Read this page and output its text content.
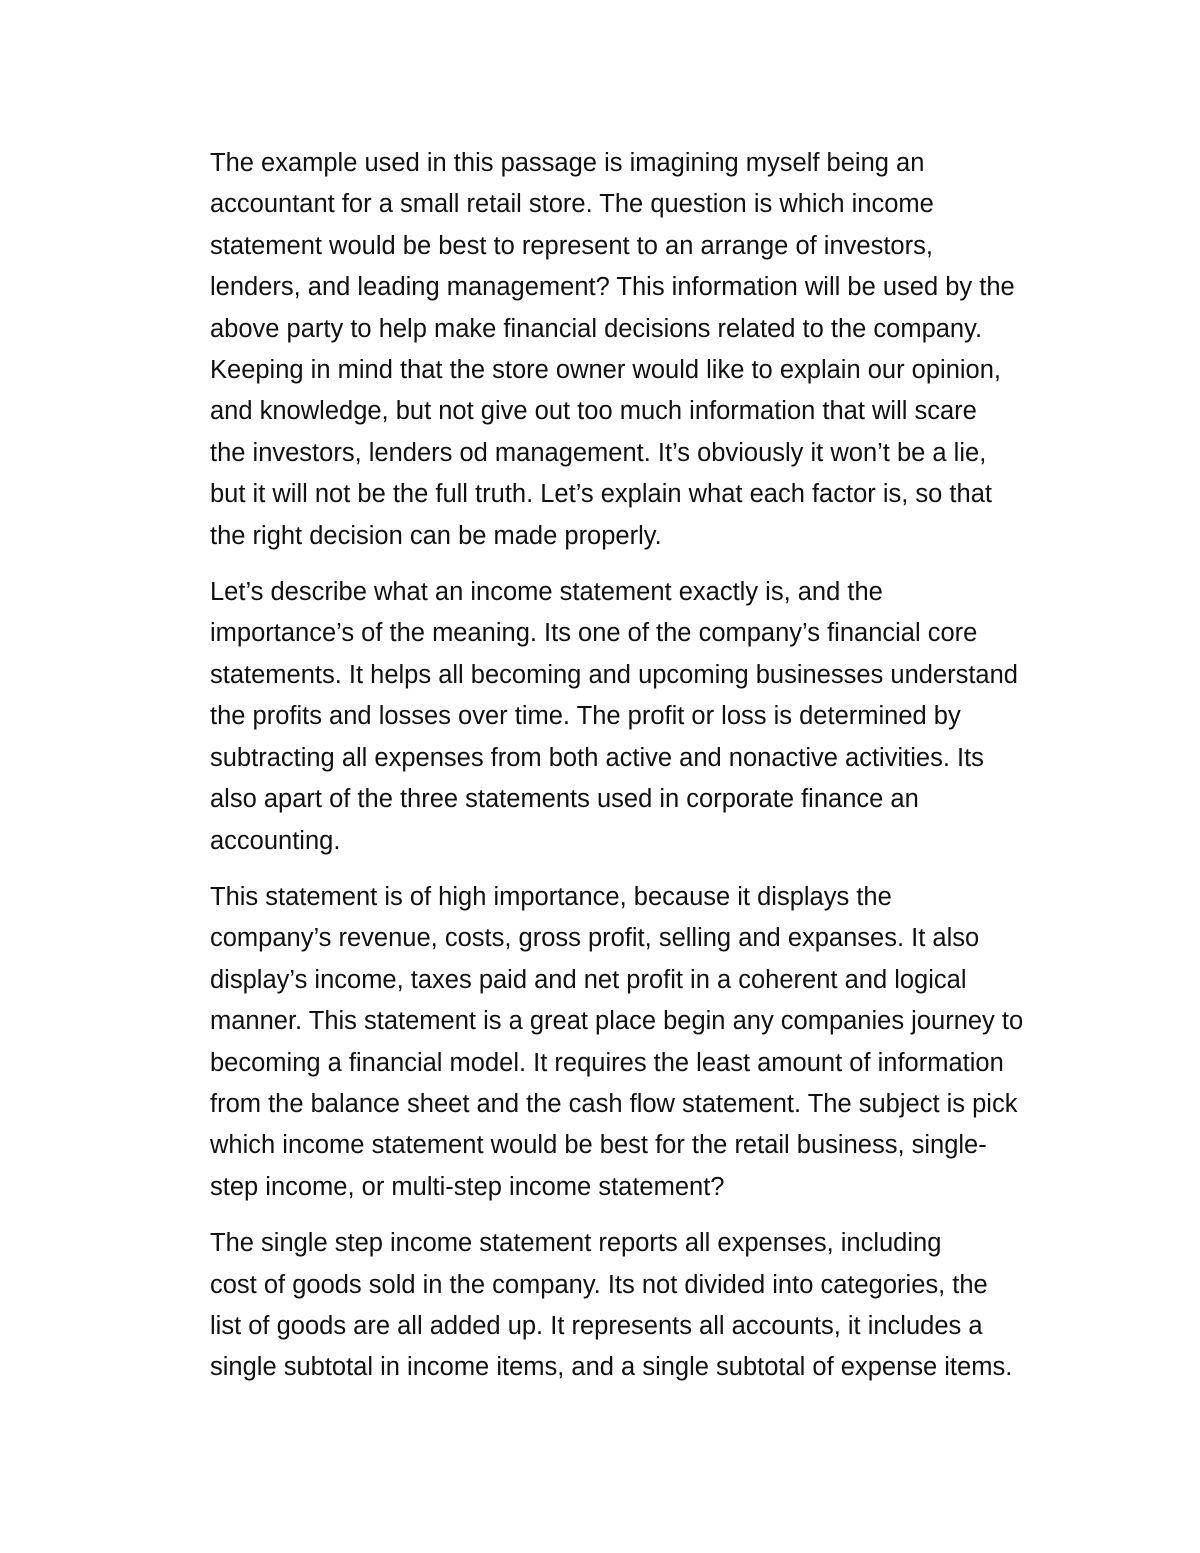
The example used in this passage is imagining myself being an
accountant for a small retail store. The question is which income
statement would be best to represent to an arrange of investors,
lenders, and leading management? This information will be used by the
above party to help make financial decisions related to the company.
Keeping in mind that the store owner would like to explain our opinion,
and knowledge, but not give out too much information that will scare
the investors, lenders od management. It’s obviously it won’t be a lie,
but it will not be the full truth. Let’s explain what each factor is, so that
the right decision can be made properly.

Let’s describe what an income statement exactly is, and the
importance’s of the meaning. Its one of the company’s financial core
statements. It helps all becoming and upcoming businesses understand
the profits and losses over time. The profit or loss is determined by
subtracting all expenses from both active and nonactive activities. Its
also apart of the three statements used in corporate finance an
accounting.

This statement is of high importance, because it displays the
company’s revenue, costs, gross profit, selling and expanses. It also
display’s income, taxes paid and net profit in a coherent and logical
manner. This statement is a great place begin any companies journey to
becoming a financial model. It requires the least amount of information
from the balance sheet and the cash flow statement. The subject is pick
which income statement would be best for the retail business, single-
step income, or multi-step income statement?

The single step income statement reports all expenses, including
cost of goods sold in the company. Its not divided into categories, the
list of goods are all added up. It represents all accounts, it includes a
single subtotal in income items, and a single subtotal of expense items.
